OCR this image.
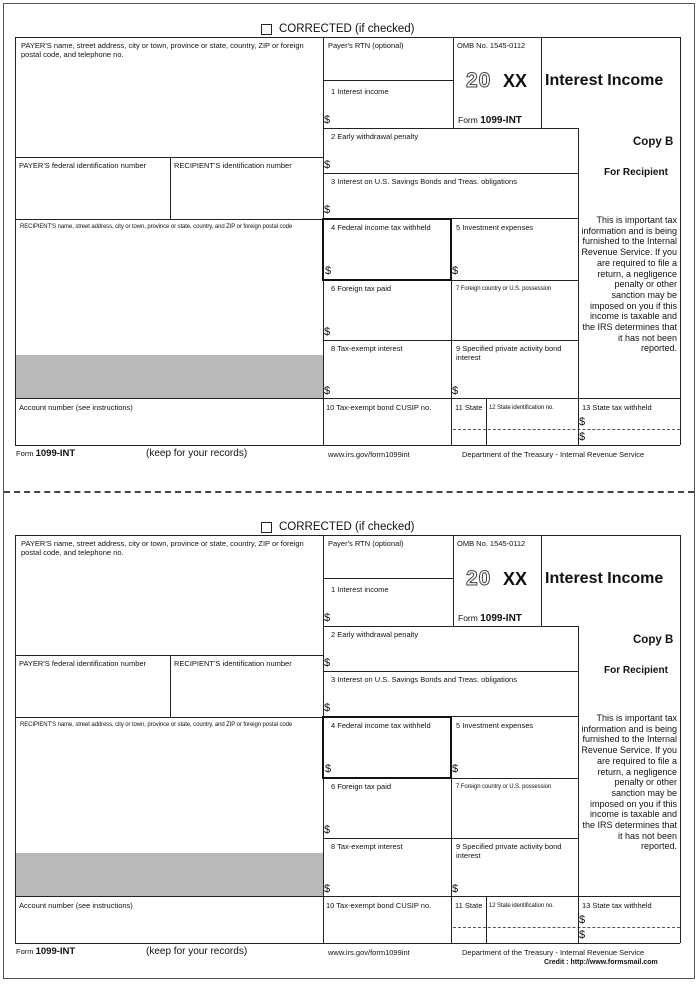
CORRECTED (if checked)
PAYER'S name, street address, city or town, province or state, country, ZIP or foreign postal code, and telephone no.
PAYER'S federal identification number	RECIPIENT'S identification number
RECIPIENT'S name, street address, city or town, province or state, country, and ZIP or foreign postal code
Account number (see instructions)
Payer's RTN (optional)	OMB No. 1545-0112
20 XX
Form 1099-INT
Interest Income
1 Interest income
$
2 Early withdrawal penalty
$
3 Interest on U.S. Savings Bonds and Treas. obligations
$
4 Federal income tax withheld
$
5 Investment expenses
$
6 Foreign tax paid
$
7 Foreign country or U.S. possession
8 Tax-exempt interest
$
9 Specified private activity bond interest
$
10 Tax-exempt bond CUSIP no.	11 State 12 State identification no.	13 State tax withheld
$
$
Copy B
For Recipient
This is important tax information and is being furnished to the Internal Revenue Service. If you are required to file a return, a negligence penalty or other sanction may be imposed on you if this income is taxable and the IRS determines that it has not been reported.
Form 1099-INT	(keep for your records)	www.irs.gov/form1099int	Department of the Treasury - Internal Revenue Service
CORRECTED (if checked)
PAYER'S name, street address, city or town, province or state, country, ZIP or foreign postal code, and telephone no.
PAYER'S federal identification number	RECIPIENT'S identification number
RECIPIENT'S name, street address, city or town, province or state, country, and ZIP or foreign postal code
Account number (see instructions)
Payer's RTN (optional)	OMB No. 1545-0112
20 XX
Form 1099-INT
Interest Income
1 Interest income
$
2 Early withdrawal penalty
$
3 Interest on U.S. Savings Bonds and Treas. obligations
$
4 Federal income tax withheld
$
5 Investment expenses
$
6 Foreign tax paid
$
7 Foreign country or U.S. possession
8 Tax-exempt interest
$
9 Specified private activity bond interest
$
10 Tax-exempt bond CUSIP no.	11 State 12 State identification no.	13 State tax withheld
$
$
Copy B
For Recipient
This is important tax information and is being furnished to the Internal Revenue Service. If you are required to file a return, a negligence penalty or other sanction may be imposed on you if this income is taxable and the IRS determines that it has not been reported.
Form 1099-INT	(keep for your records)	www.irs.gov/form1099int	Department of the Treasury - Internal Revenue Service
Credit : http://www.formsmail.com
